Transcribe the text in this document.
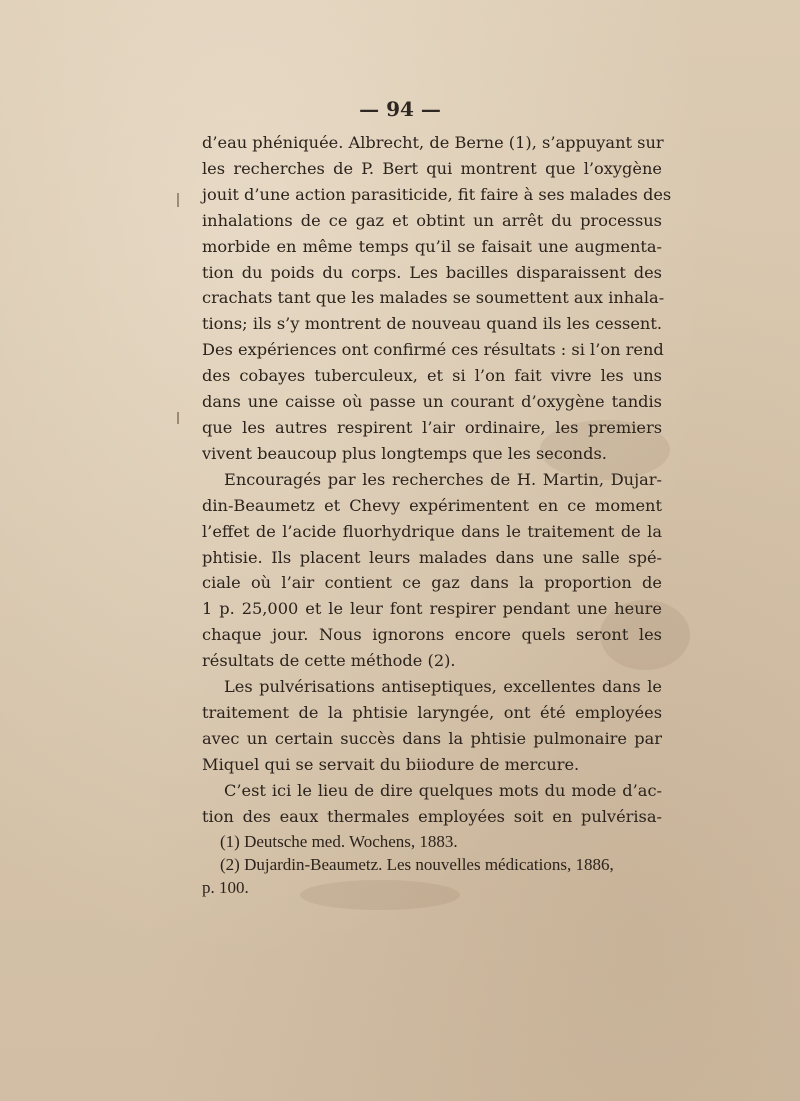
— 94 —
d’eau phéniquée. Albrecht, de Berne (1), s’appuyant sur
les recherches de P. Bert qui montrent que l’oxygène
jouit d’une action parasiticide, fit faire à ses malades des
inhalations de ce gaz et obtint un arrêt du processus
morbide en même temps qu’il se faisait une augmenta-
tion du poids du corps. Les bacilles disparaissent des
crachats tant que les malades se soumettent aux inhala-
tions; ils s’y montrent de nouveau quand ils les cessent.
Des expériences ont confirmé ces résultats : si l’on rend
des cobayes tuberculeux, et si l’on fait vivre les uns
dans une caisse où passe un courant d’oxygène tandis
que les autres respirent l’air ordinaire, les premiers
vivent beaucoup plus longtemps que les seconds.
Encouragés par les recherches de H. Martin, Dujar-
din-Beaumetz et Chevy expérimentent en ce moment
l’effet de l’acide fluorhydrique dans le traitement de la
phtisie. Ils placent leurs malades dans une salle spé-
ciale où l’air contient ce gaz dans la proportion de
1 p. 25,000 et le leur font respirer pendant une heure
chaque jour. Nous ignorons encore quels seront les
résultats de cette méthode (2).
Les pulvérisations antiseptiques, excellentes dans le
traitement de la phtisie laryngée, ont été employées
avec un certain succès dans la phtisie pulmonaire par
Miquel qui se servait du biiodure de mercure.
C’est ici le lieu de dire quelques mots du mode d’ac-
tion des eaux thermales employées soit en pulvérisa-
(1) Deutsche med. Wochens, 1883.
(2) Dujardin-Beaumetz. Les nouvelles médications, 1886,
p. 100.
